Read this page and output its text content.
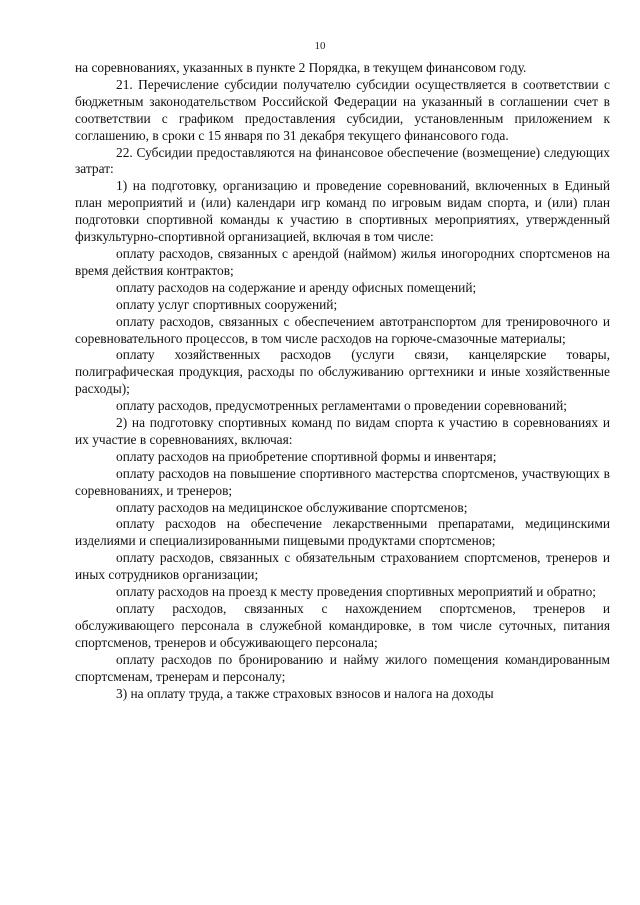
10

на соревнованиях, указанных в пункте 2 Порядка, в текущем финансовом году.

21. Перечисление субсидии получателю субсидии осуществляется в соответствии с бюджетным законодательством Российской Федерации на указанный в соглашении счет в соответствии с графиком предоставления субсидии, установленным приложением к соглашению, в сроки с 15 января по 31 декабря текущего финансового года.

22. Субсидии предоставляются на финансовое обеспечение (возмещение) следующих затрат:

1) на подготовку, организацию и проведение соревнований, включенных в Единый план мероприятий и (или) календари игр команд по игровым видам спорта, и (или) план подготовки спортивной команды к участию в спортивных мероприятиях, утвержденный физкультурно-спортивной организацией, включая в том числе:

оплату расходов, связанных с арендой (наймом) жилья иногородних спортсменов на время действия контрактов;

оплату расходов на содержание и аренду офисных помещений;

оплату услуг спортивных сооружений;

оплату расходов, связанных с обеспечением автотранспортом для тренировочного и соревновательного процессов, в том числе расходов на горюче-смазочные материалы;

оплату хозяйственных расходов (услуги связи, канцелярские товары, полиграфическая продукция, расходы по обслуживанию оргтехники и иные хозяйственные расходы);

оплату расходов, предусмотренных регламентами о проведении соревнований;

2) на подготовку спортивных команд по видам спорта к участию в соревнованиях и их участие в соревнованиях, включая:

оплату расходов на приобретение спортивной формы и инвентаря;

оплату расходов на повышение спортивного мастерства спортсменов, участвующих в соревнованиях, и тренеров;

оплату расходов на медицинское обслуживание спортсменов;

оплату расходов на обеспечение лекарственными препаратами, медицинскими изделиями и специализированными пищевыми продуктами спортсменов;

оплату расходов, связанных с обязательным страхованием спортсменов, тренеров и иных сотрудников организации;

оплату расходов на проезд к месту проведения спортивных мероприятий и обратно;

оплату расходов, связанных с нахождением спортсменов, тренеров и обслуживающего персонала в служебной командировке, в том числе суточных, питания спортсменов, тренеров и обсуживающего персонала;

оплату расходов по бронированию и найму жилого помещения командированным спортсменам, тренерам и персоналу;

3) на оплату труда, а также страховых взносов и налога на доходы
